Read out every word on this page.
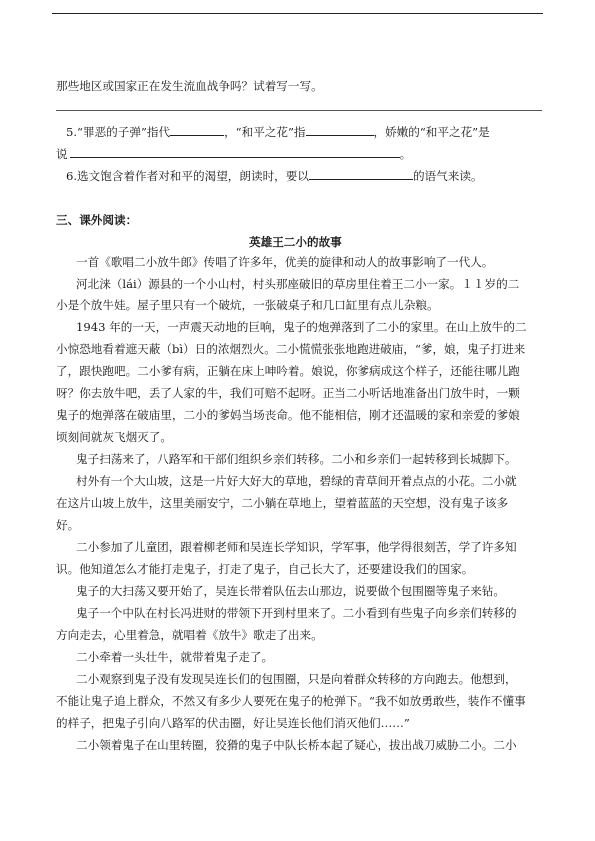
那些地区或国家正在发生流血战争吗？试着写一写。
5.“罪恶的子弹”指代	，“和平之花”指	，娇嫩的“和平之花”是
说	。
6.选文饱含着作者对和平的渴望，朗读时，要以	的语气来读。
三、课外阅读：
英雄王二小的故事
一首《歌唱二小放牛郎》传唱了许多年，优美的旋律和动人的故事影响了一代人。
河北涞（lái）源县的一个小山村，村头那座破旧的草房里住着王二小一家。１１岁的二
小是个放牛娃。屋子里只有一个破炕，一张破桌子和几口缸里有点儿杂粮。
1943 年的一天，一声震天动地的巨响，鬼子的炮弹落到了二小的家里。在山上放牛的二
小惊恐地看着遮天蔽（bì）日的浓烟烈火。二小慌慌张张地跑进破庙，“爹，娘，鬼子打进来
了，跟快跑吧。二小爹有病，正躺在床上呻吟着。娘说，你爹病成这个样子，还能往哪儿跑
呀？你去放牛吧，丢了人家的牛，我们可赔不起呀。正当二小听话地准备出门放牛时，一颗
鬼子的炮弹落在破庙里，二小的爹妈当场丧命。他不能相信，刚才还温暖的家和亲爱的爹娘
顷刻间就灰飞烟灭了。
鬼子扫荡来了，八路军和干部们组织乡亲们转移。二小和乡亲们一起转移到长城脚下。
村外有一个大山坡，这是一片好大好大的草地，碧绿的青草间开着点点的小花。二小就
在这片山坡上放牛，这里美丽安宁，二小躺在草地上，望着蓝蓝的天空想，没有鬼子该多
好。
二小参加了儿童团，跟着柳老师和吴连长学知识，学军事，他学得很刻苦，学了许多知
识。他知道怎么才能打走鬼子，打走了鬼子，自己长大了，还要建设我们的国家。
鬼子的大扫荡又要开始了，吴连长带着队伍去山那边，说要做个包围圈等鬼子来钻。
鬼子一个中队在村长冯进财的带领下开到村里来了。二小看到有些鬼子向乡亲们转移的
方向走去，心里着急，就唱着《放牛》歌走了出来。
二小牵着一头壮牛，就带着鬼子走了。
二小观察到鬼子没有发现吴连长们的包围圈，只是向着群众转移的方向跑去。他想到，
不能让鬼子追上群众，不然又有多少人要死在鬼子的枪弹下。“我不如放勇敢些，装作不懂事
的样子，把鬼子引向八路军的伏击圈，好让吴连长他们消灭他们……”
二小领着鬼子在山里转圈，狡猾的鬼子中队长桥本起了疑心，拔出战刀威胁二小。二小
